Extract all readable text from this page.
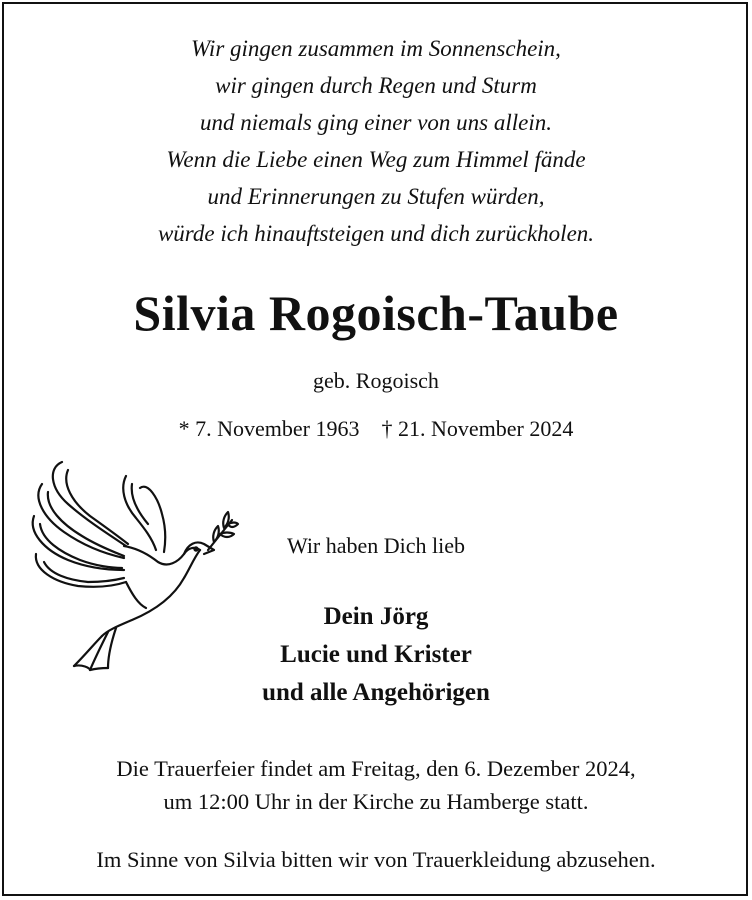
Wir gingen zusammen im Sonnenschein,
wir gingen durch Regen und Sturm
und niemals ging einer von uns allein.
Wenn die Liebe einen Weg zum Himmel fände
und Erinnerungen zu Stufen würden,
würde ich hinauftsteigen und dich zurückholen.
Silvia Rogoisch-Taube
geb. Rogoisch
* 7. November 1963 † 21. November 2024
Wir haben Dich lieb
Dein Jörg
Lucie und Krister
und alle Angehörigen
Die Trauerfeier findet am Freitag, den 6. Dezember 2024,
um 12:00 Uhr in der Kirche zu Hamberge statt.
Im Sinne von Silvia bitten wir von Trauerkleidung abzusehen.
